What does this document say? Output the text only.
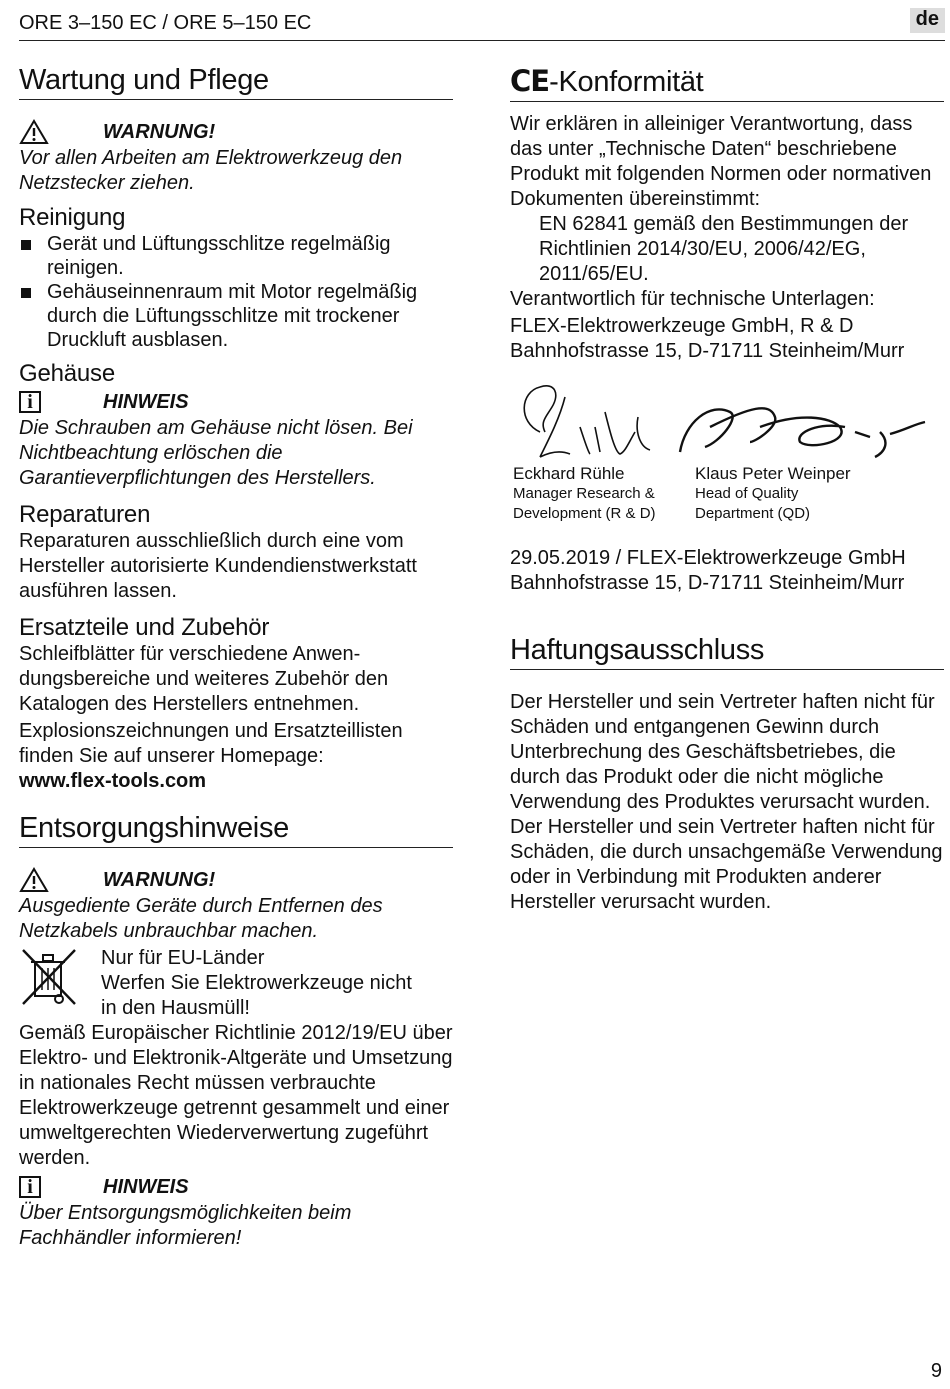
ORE 3–150 EC / ORE 5–150 EC	de
Wartung und Pflege
WARNUNG!

Vor allen Arbeiten am Elektrowerkzeug den Netzstecker ziehen.

Reinigung
Gerät und Lüftungsschlitze regelmäßig reinigen.
Gehäuseinnenraum mit Motor regelmäßig durch die Lüftungsschlitze mit trockener Druckluft ausblasen.
Gehäuse
i	HINWEIS

Die Schrauben am Gehäuse nicht lösen. Bei Nichtbeachtung erlöschen die Garantieverpflichtungen des Herstellers.

Reparaturen

Reparaturen ausschließlich durch eine vom Hersteller autorisierte Kundendienstwerkstatt ausführen lassen.

Ersatzteile und Zubehör

Schleifblätter für verschiedene Anwendungsbereiche und weiteres Zubehör den Katalogen des Herstellers entnehmen.

Explosionszeichnungen und Ersatzteillisten finden Sie auf unserer Homepage:

www.flex-tools.com

Entsorgungshinweise
WARNUNG!

Ausgediente Geräte durch Entfernen des Netzkabels unbrauchbar machen.

Nur für EU-Länder

Werfen Sie Elektrowerkzeuge nicht in den Hausmüll!

Gemäß Europäischer Richtlinie 2012/19/EU über Elektro- und Elektronik-Altgeräte und Umsetzung in nationales Recht müssen verbrauchte Elektrowerkzeuge getrennt gesammelt und einer umweltgerechten Wiederverwertung zugeführt werden.

i	HINWEIS

Über Entsorgungsmöglichkeiten beim Fachhändler informieren!

CE-Konformität

Wir erklären in alleiniger Verantwortung, dass das unter „Technische Daten“ beschriebene Produkt mit folgenden Normen oder normativen Dokumenten übereinstimmt:

EN 62841 gemäß den Bestimmungen der Richtlinien 2014/30/EU, 2006/42/EG, 2011/65/EU.

Verantwortlich für technische Unterlagen:

FLEX-Elektrowerkzeuge GmbH, R & D

Bahnhofstrasse 15, D-71711 Steinheim/Murr

Eckhard Rühle
Manager Research &
Development (R & D)
Klaus Peter Weinper
Head of Quality
Department (QD)

29.05.2019 / FLEX-Elektrowerkzeuge GmbH

Bahnhofstrasse 15, D-71711 Steinheim/Murr

Haftungsausschluss

Der Hersteller und sein Vertreter haften nicht für Schäden und entgangenen Gewinn durch Unterbrechung des Geschäftsbetriebes, die durch das Produkt oder die nicht mögliche Verwendung des Produktes verursacht wurden.

Der Hersteller und sein Vertreter haften nicht für Schäden, die durch unsachgemäße Verwendung oder in Verbindung mit Produkten anderer Hersteller verursacht wurden.

9
